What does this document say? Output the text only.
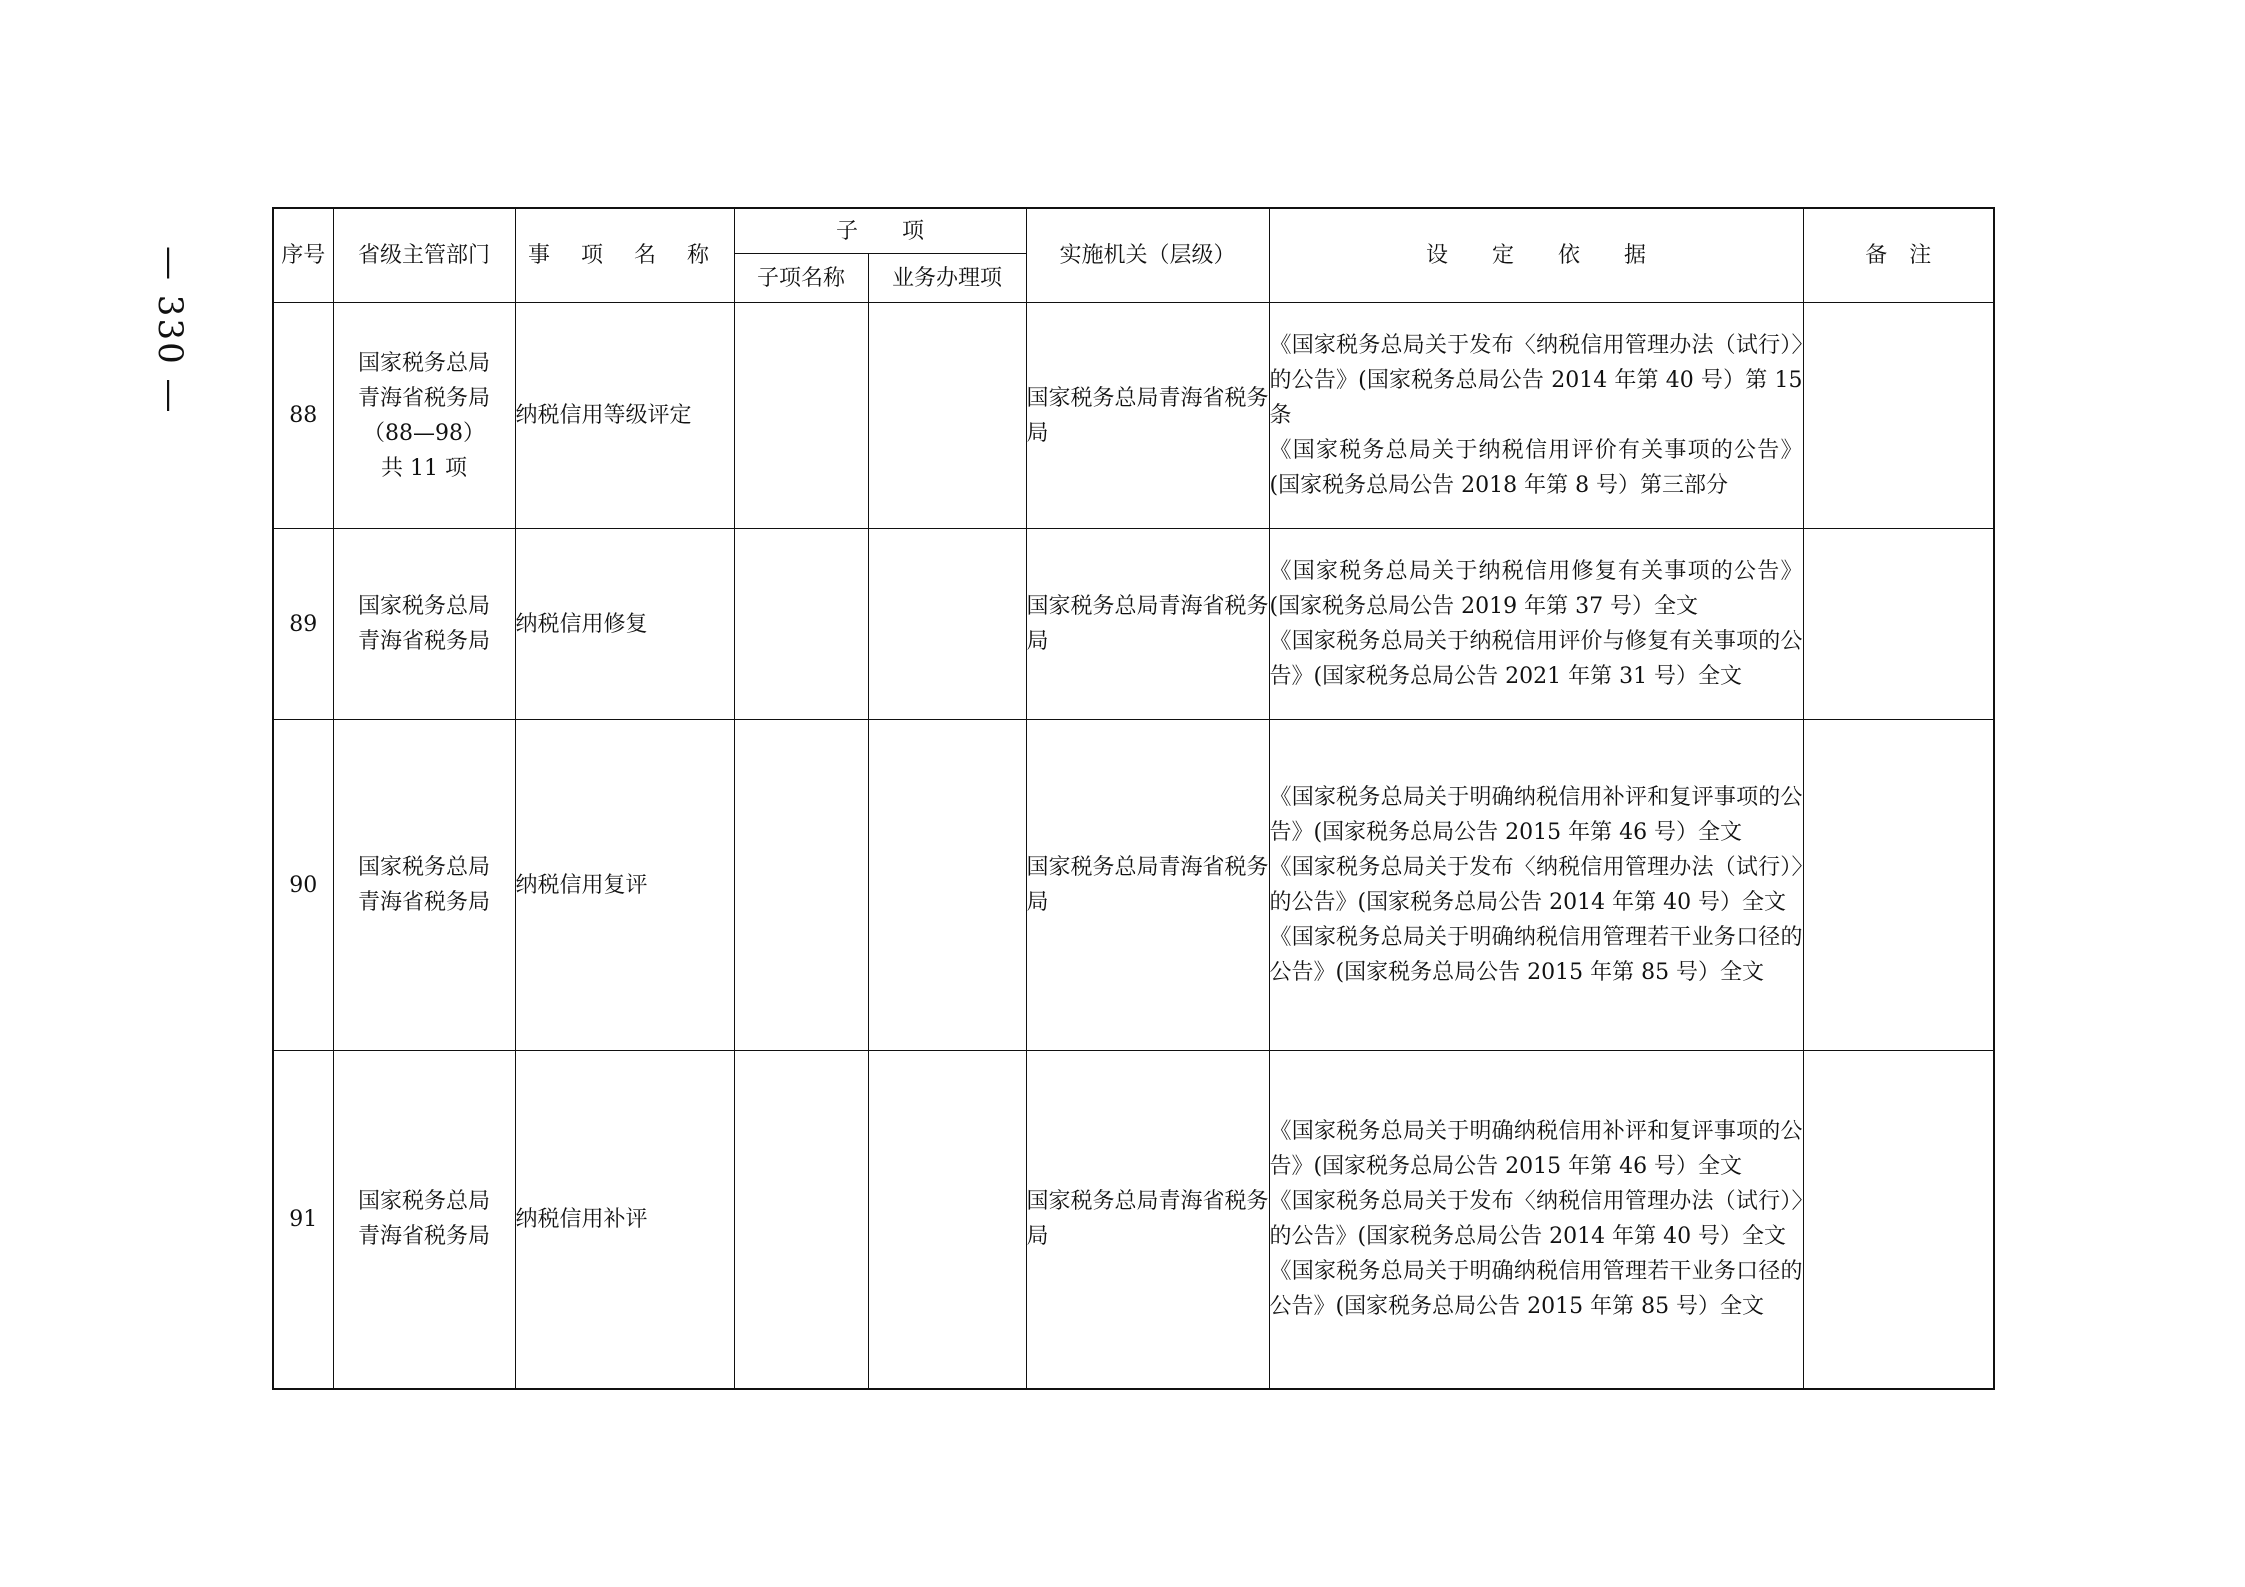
— 330 —	序号	省级主管部门	事 项 名 称	子　　项		实施机关（层级）	设　　定　　依　　据	备　注
			子项名称	业务办理项			
88	国家税务总局
青海省税务局
（88—98）
共 11 项	纳税信用等级评定			国家税务总局青海省税务局	《国家税务总局关于发布〈纳税信用管理办法（试行）〉的公告》(国家税务总局公告 2014 年第 40 号）第 15 条
《国家税务总局关于纳税信用评价有关事项的公告》(国家税务总局公告 2018 年第 8 号）第三部分	

89	国家税务总局
青海省税务局	纳税信用修复			国家税务总局青海省税务局	《国家税务总局关于纳税信用修复有关事项的公告》(国家税务总局公告 2019 年第 37 号）全文
《国家税务总局关于纳税信用评价与修复有关事项的公告》(国家税务总局公告 2021 年第 31 号）全文	

90	国家税务总局
青海省税务局	纳税信用复评			国家税务总局青海省税务局	《国家税务总局关于明确纳税信用补评和复评事项的公告》(国家税务总局公告 2015 年第 46 号）全文
《国家税务总局关于发布〈纳税信用管理办法（试行）〉的公告》(国家税务总局公告 2014 年第 40 号）全文
《国家税务总局关于明确纳税信用管理若干业务口径的公告》(国家税务总局公告 2015 年第 85 号）全文	

91	国家税务总局
青海省税务局	纳税信用补评			国家税务总局青海省税务局	《国家税务总局关于明确纳税信用补评和复评事项的公告》(国家税务总局公告 2015 年第 46 号）全文
《国家税务总局关于发布〈纳税信用管理办法（试行）〉的公告》(国家税务总局公告 2014 年第 40 号）全文
《国家税务总局关于明确纳税信用管理若干业务口径的公告》(国家税务总局公告 2015 年第 85 号）全文	
